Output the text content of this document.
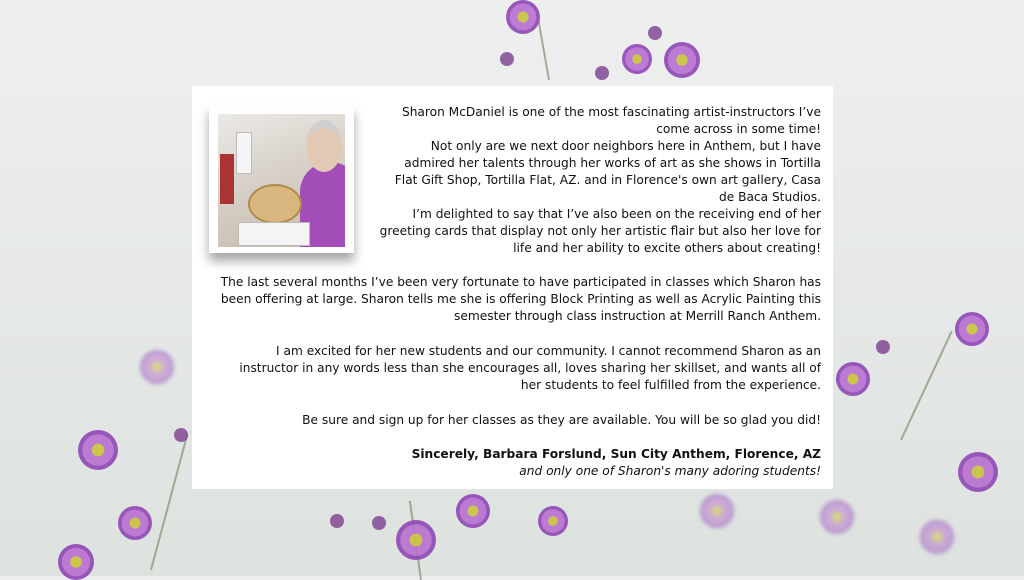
Sharon McDaniel is one of the most fascinating artist-instructors I’ve come across in some time!

Not only are we next door neighbors here in Anthem, but I have admired her talents through her works of art as she shows in Tortilla Flat Gift Shop, Tortilla Flat, AZ. and in Florence's own art gallery, Casa de Baca Studios.

I’m delighted to say that I’ve also been on the receiving end of her greeting cards that display not only her artistic flair but also her love for life and her ability to excite others about creating!

The last several months I’ve been very fortunate to have participated in classes which Sharon has been offering at large. Sharon tells me she is offering Block Printing as well as Acrylic Painting this semester through class instruction at Merrill Ranch Anthem.

I am excited for her new students and our community. I cannot recommend Sharon as an instructor in any words less than she encourages all, loves sharing her skillset, and wants all of her students to feel fulfilled from the experience.

Be sure and sign up for her classes as they are available. You will be so glad you did!

Sincerely, Barbara Forslund, Sun City Anthem, Florence, AZ
and only one of Sharon's many adoring students!
